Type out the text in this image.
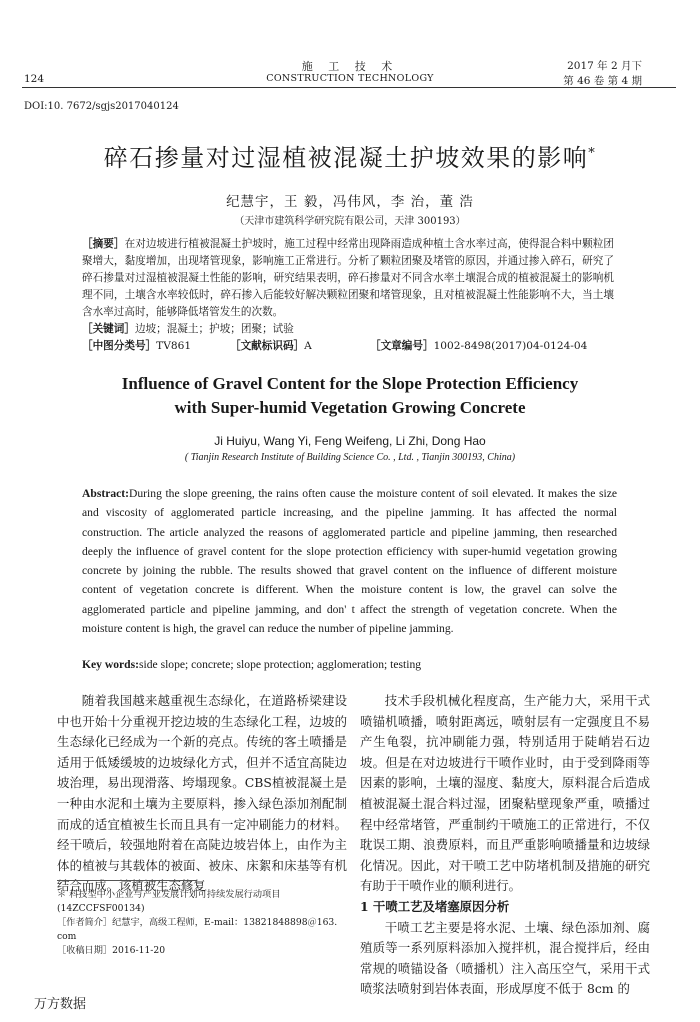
施 工 技 术
CONSTRUCTION TECHNOLOGY
124
2017 年 2 月下
第 46 卷 第 4 期
DOI:10. 7672/sgjs2017040124
碎石掺量对过湿植被混凝土护坡效果的影响*
纪慧宇，王 毅，冯伟风，李 治，董 浩
（天津市建筑科学研究院有限公司，天津 300193）
［摘要］在对边坡进行植被混凝土护坡时，施工过程中经常出现降雨造成种植土含水率过高，使得混合料中颗粒团聚增大，黏度增加，出现堵管现象，影响施工正常进行。分析了颗粒团聚及堵管的原因，并通过掺入碎石，研究了碎石掺量对过湿植被混凝土性能的影响，研究结果表明，碎石掺量对不同含水率土壤混合成的植被混凝土的影响机理不同，土壤含水率较低时，碎石掺入后能较好解决颗粒团聚和堵管现象，且对植被混凝土性能影响不大，当土壤含水率过高时，能够降低堵管发生的次数。
［关键词］边坡；混凝土；护坡；团聚；试验
［中图分类号］TV861	［文献标识码］A	［文章编号］1002-8498(2017)04-0124-04
Influence of Gravel Content for the Slope Protection Efficiency
with Super-humid Vegetation Growing Concrete
Ji Huiyu, Wang Yi, Feng Weifeng, Li Zhi, Dong Hao
( Tianjin Research Institute of Building Science Co. , Ltd. , Tianjin 300193, China)
Abstract:During the slope greening, the rains often cause the moisture content of soil elevated. It makes the size and viscosity of agglomerated particle increasing, and the pipeline jamming. It has affected the normal construction. The article analyzed the reasons of agglomerated particle and pipeline jamming, then researched deeply the influence of gravel content for the slope protection efficiency with super-humid vegetation growing concrete by joining the rubble. The results showed that gravel content on the influence of different moisture content of vegetation concrete is different. When the moisture content is low, the gravel can solve the agglomerated particle and pipeline jamming, and don' t affect the strength of vegetation concrete. When the moisture content is high, the gravel can reduce the number of pipeline jamming.
Key words:side slope; concrete; slope protection; agglomeration; testing

随着我国越来越重视生态绿化，在道路桥梁建设中也开始十分重视开挖边坡的生态绿化工程，边坡的生态绿化已经成为一个新的亮点。传统的客土喷播是适用于低矮缓坡的边坡绿化方式，但并不适宜高陡边坡治理，易出现滑落、垮塌现象。CBS植被混凝土是一种由水泥和土壤为主要原料，掺入绿色添加剂配制而成的适宜植被生长而且具有一定冲刷能力的材料。经干喷后，较强地附着在高陡边坡岩体上，由作为主体的植被与其载体的被面、被床、床絮和床基等有机结合而成。该植被生态修复

技术手段机械化程度高，生产能力大，采用干式喷锚机喷播，喷射距离远，喷射层有一定强度且不易产生龟裂，抗冲刷能力强，特别适用于陡峭岩石边坡。但是在对边坡进行干喷作业时，由于受到降雨等因素的影响，土壤的湿度、黏度大，原料混合后造成植被混凝土混合料过湿，团聚粘壁现象严重，喷播过程中经常堵管，严重制约干喷施工的正常进行，不仅耽误工期、浪费原料，而且严重影响喷播量和边坡绿化情况。因此，对干喷工艺中防堵机制及措施的研究有助于干喷作业的顺利进行。

1 干喷工艺及堵塞原因分析

干喷工艺主要是将水泥、土壤、绿色添加剂、腐殖质等一系列原料添加入搅拌机，混合搅拌后，经由常规的喷锚设备（喷播机）注入高压空气，采用干式喷浆法喷射到岩体表面，形成厚度不低于 8cm 的

＊ 科技型中小企业与产业发展计划可持续发展行动项目(14ZCCFSF00134)
［作者简介］纪慧宇，高级工程师，E-mail：13821848898＠163. com
［收稿日期］2016-11-20
万方数据
